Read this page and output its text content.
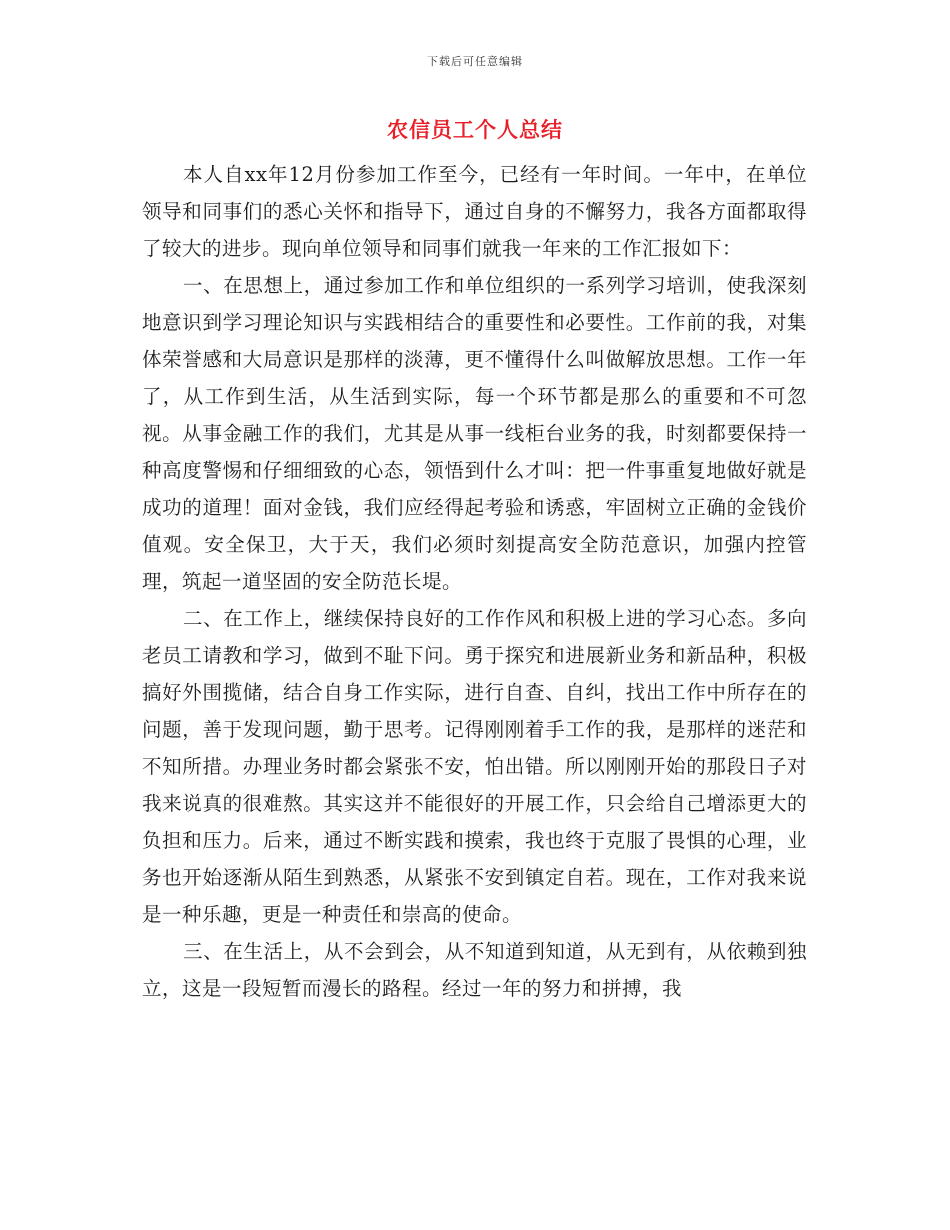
下载后可任意编辑
农信员工个人总结

本人自xx年12月份参加工作至今，已经有一年时间。一年中，在单位领导和同事们的悉心关怀和指导下，通过自身的不懈努力，我各方面都取得了较大的进步。现向单位领导和同事们就我一年来的工作汇报如下：

一、在思想上，通过参加工作和单位组织的一系列学习培训，使我深刻地意识到学习理论知识与实践相结合的重要性和必要性。工作前的我，对集体荣誉感和大局意识是那样的淡薄，更不懂得什么叫做解放思想。工作一年了，从工作到生活，从生活到实际，每一个环节都是那么的重要和不可忽视。从事金融工作的我们，尤其是从事一线柜台业务的我，时刻都要保持一种高度警惕和仔细细致的心态，领悟到什么才叫：把一件事重复地做好就是成功的道理！面对金钱，我们应经得起考验和诱惑，牢固树立正确的金钱价值观。安全保卫，大于天，我们必须时刻提高安全防范意识，加强内控管理，筑起一道坚固的安全防范长堤。

二、在工作上，继续保持良好的工作作风和积极上进的学习心态。多向老员工请教和学习，做到不耻下问。勇于探究和进展新业务和新品种，积极搞好外围揽储，结合自身工作实际，进行自查、自纠，找出工作中所存在的问题，善于发现问题，勤于思考。记得刚刚着手工作的我，是那样的迷茫和不知所措。办理业务时都会紧张不安，怕出错。所以刚刚开始的那段日子对我来说真的很难熬。其实这并不能很好的开展工作，只会给自己增添更大的负担和压力。后来，通过不断实践和摸索，我也终于克服了畏惧的心理，业务也开始逐渐从陌生到熟悉，从紧张不安到镇定自若。现在，工作对我来说是一种乐趣，更是一种责任和崇高的使命。

三、在生活上，从不会到会，从不知道到知道，从无到有，从依赖到独立，这是一段短暂而漫长的路程。经过一年的努力和拼搏，我
